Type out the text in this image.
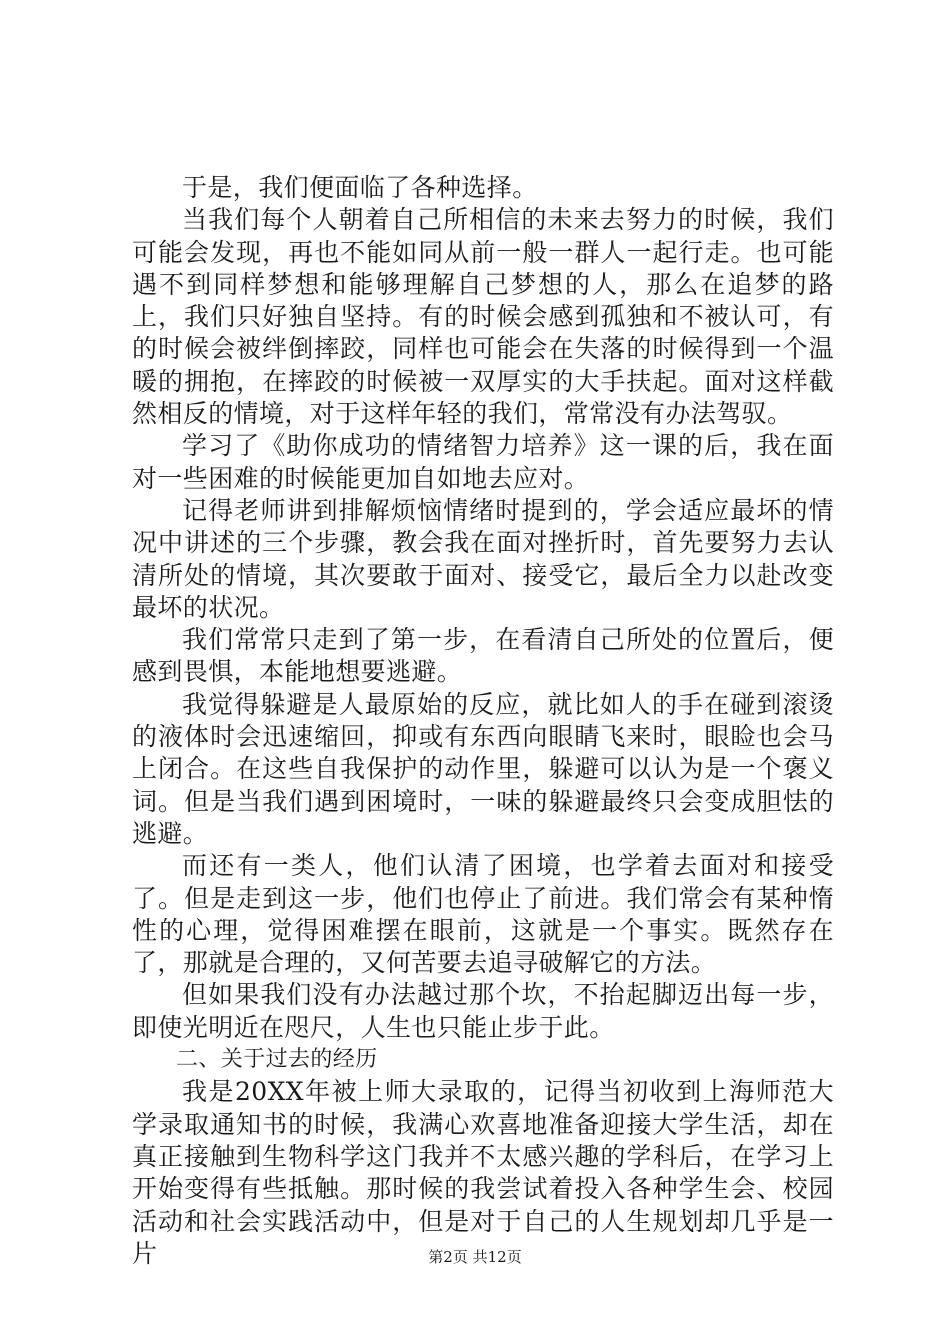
于是，我们便面临了各种选择。

当我们每个人朝着自己所相信的未来去努力的时候，我们可能会发现，再也不能如同从前一般一群人一起行走。也可能遇不到同样梦想和能够理解自己梦想的人，那么在追梦的路上，我们只好独自坚持。有的时候会感到孤独和不被认可，有的时候会被绊倒摔跤，同样也可能会在失落的时候得到一个温暖的拥抱，在摔跤的时候被一双厚实的大手扶起。面对这样截然相反的情境，对于这样年轻的我们，常常没有办法驾驭。

学习了《助你成功的情绪智力培养》这一课的后，我在面对一些困难的时候能更加自如地去应对。

记得老师讲到排解烦恼情绪时提到的，学会适应最坏的情况中讲述的三个步骤，教会我在面对挫折时，首先要努力去认清所处的情境，其次要敢于面对、接受它，最后全力以赴改变最坏的状况。

我们常常只走到了第一步，在看清自己所处的位置后，便感到畏惧，本能地想要逃避。

我觉得躲避是人最原始的反应，就比如人的手在碰到滚烫的液体时会迅速缩回，抑或有东西向眼睛飞来时，眼睑也会马上闭合。在这些自我保护的动作里，躲避可以认为是一个褒义词。但是当我们遇到困境时，一味的躲避最终只会变成胆怯的逃避。

而还有一类人，他们认清了困境，也学着去面对和接受了。但是走到这一步，他们也停止了前进。我们常会有某种惰性的心理，觉得困难摆在眼前，这就是一个事实。既然存在了，那就是合理的，又何苦要去追寻破解它的方法。

但如果我们没有办法越过那个坎，不抬起脚迈出每一步，即使光明近在咫尺，人生也只能止步于此。

二、关于过去的经历

我是20XX年被上师大录取的，记得当初收到上海师范大学录取通知书的时候，我满心欢喜地准备迎接大学生活，却在真正接触到生物科学这门我并不太感兴趣的学科后，在学习上开始变得有些抵触。那时候的我尝试着投入各种学生会、校园活动和社会实践活动中，但是对于自己的人生规划却几乎是一片	第2页 共12页
